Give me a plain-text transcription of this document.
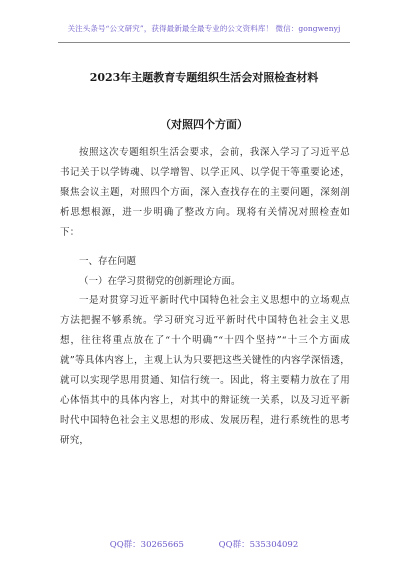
关注头条号“公文研究”，获得最新最全最专业的公文资料库！ 微信：gongwenyj
2023年主题教育专题组织生活会对照检查材料
（对照四个方面）
按照这次专题组织生活会要求，会前，我深入学习了习近平总书记关于以学铸魂、以学增智、以学正风、以学促干等重要论述，聚焦会议主题，对照四个方面，深入查找存在的主要问题，深刻剖析思想根源，进一步明确了整改方向。现将有关情况对照检查如下：
一、存在问题
（一）在学习贯彻党的创新理论方面。
一是对贯穿习近平新时代中国特色社会主义思想中的立场观点方法把握不够系统。学习研究习近平新时代中国特色社会主义思想，往往将重点放在了“十个明确”“十四个坚持”“十三个方面成就”等具体内容上，主观上认为只要把这些关键性的内容学深悟透，就可以实现学思用贯通、知信行统一。因此，将主要精力放在了用心体悟其中的具体内容上，对其中的辩证统一关系，以及习近平新时代中国特色社会主义思想的形成、发展历程，进行系统性的思考研究，
QQ群：30265665	QQ群：535304092
